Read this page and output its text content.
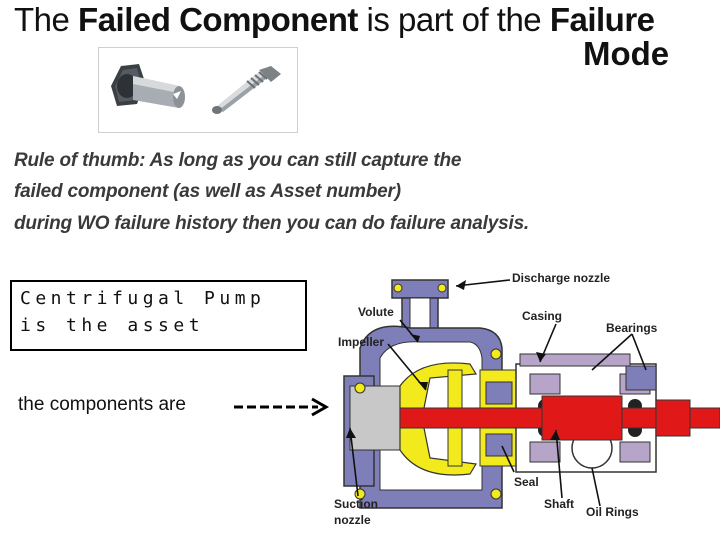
The Failed Component is part of the Failure
Mode
Rule of thumb: As long as you can still capture the
failed component (as well as Asset number)
during WO failure history then you can do failure analysis.
Centrifugal Pump
is the asset
the components are
Discharge nozzle
Volute	Casing
Bearings
Impeller
Seal
Suction
nozzle
Shaft
Oil Rings
